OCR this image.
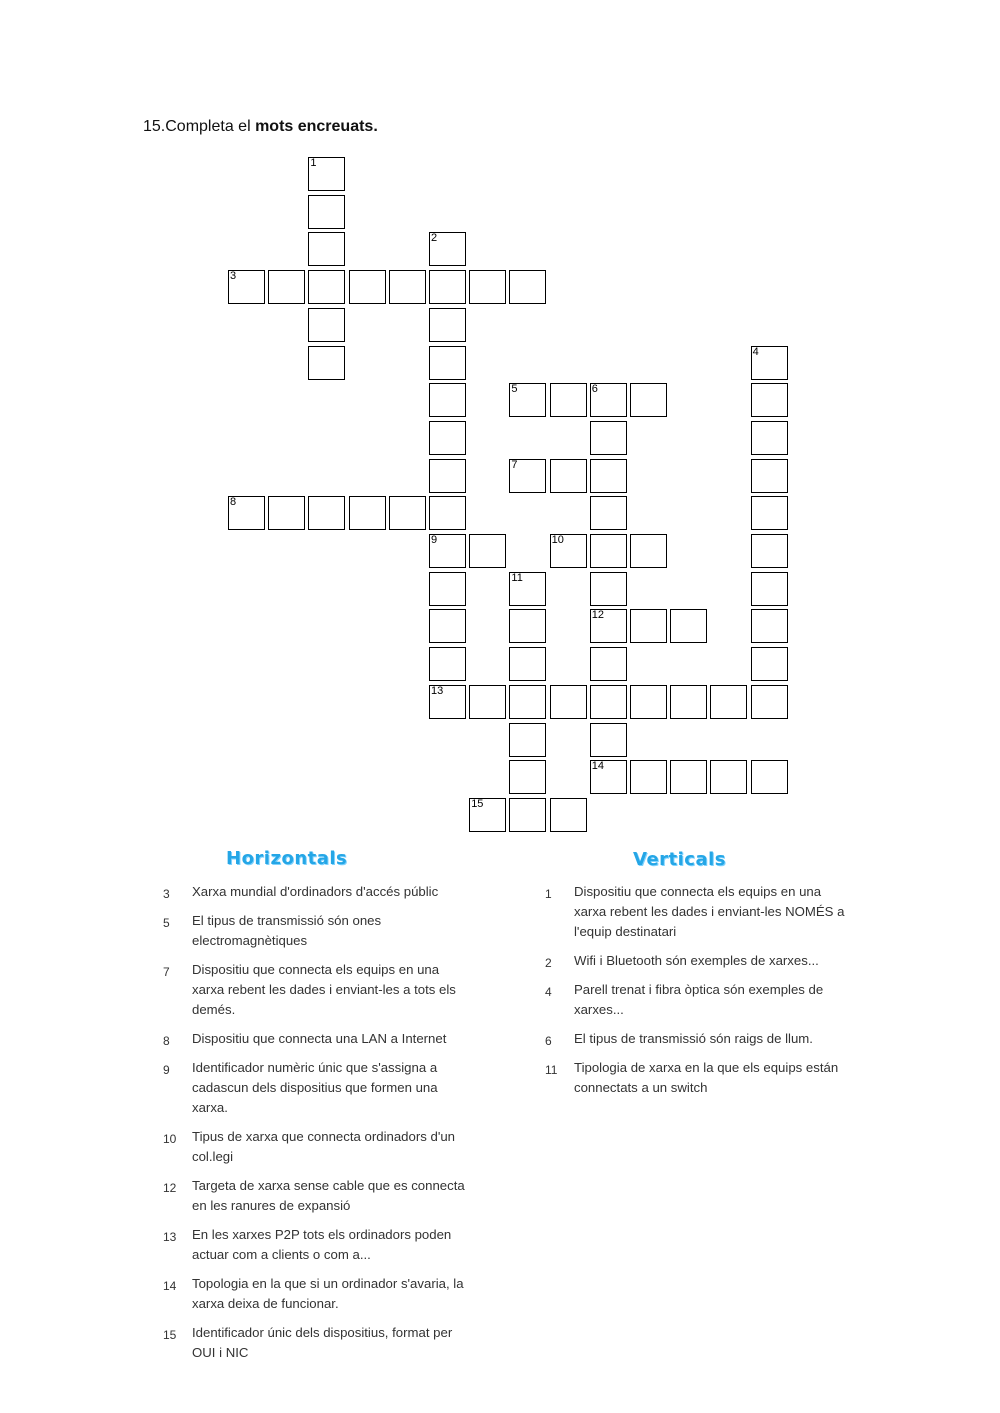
15.Completa el mots encreuats.
1
2
3
4
5	6
7
8
9	10
11
12
13
14
15
Horizontals	Verticals
3	Xarxa mundial d'ordinadors d'accés públic
5	El tipus de transmissió són ones
electromagnètiques
7	Dispositiu que connecta els equips en una
xarxa rebent les dades i enviant-les a tots els
demés.
8	Dispositiu que connecta una LAN a Internet
9	Identificador numèric únic que s'assigna a
cadascun dels dispositius que formen una
xarxa.
10	Tipus de xarxa que connecta ordinadors d'un
col.legi
12	Targeta de xarxa sense cable que es connecta
en les ranures de expansió
13	En les xarxes P2P tots els ordinadors poden
actuar com a clients o com a...
14	Topologia en la que si un ordinador s'avaria, la
xarxa deixa de funcionar.
15	Identificador únic dels dispositius, format per
OUI i NIC
1	Dispositiu que connecta els equips en una
xarxa rebent les dades i enviant-les NOMÉS a
l'equip destinatari
2	Wifi i Bluetooth són exemples de xarxes...
4	Parell trenat i fibra òptica són exemples de
xarxes...
6	El tipus de transmissió són raigs de llum.
11	Tipologia de xarxa en la que els equips están
connectats a un switch
